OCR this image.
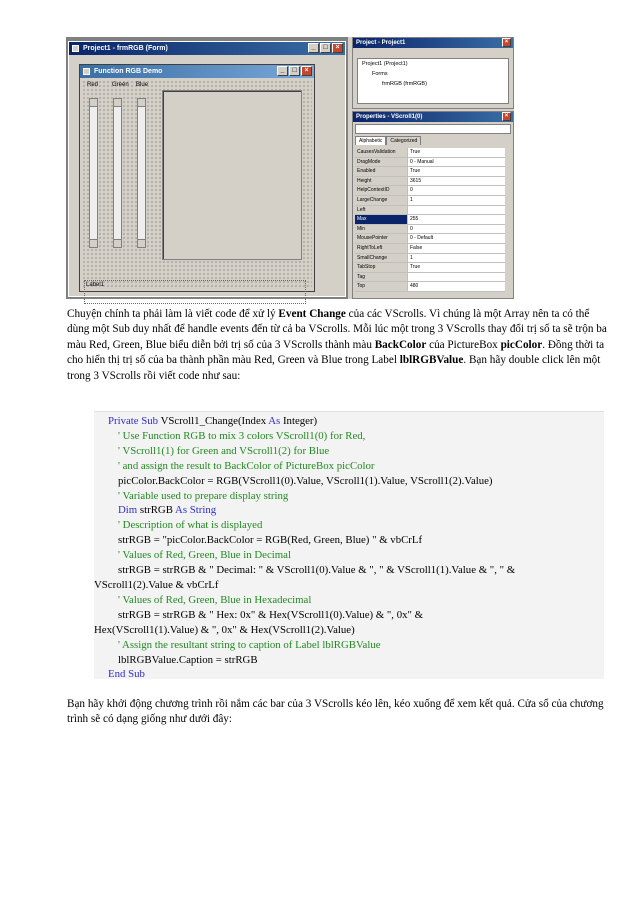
Project1 - frmRGB (Form)	_	□	×
Function RGB Demo	_	□	×
Red Green Blue
Label1
Project - Project1	×
Project1 (Project1)
Forms
frmRGB (frmRGB)
Properties - VScroll1(0)	×
Alphabetic	Categorized
CausesValidation	True
DragMode	0 - Manual
Enabled	True
Height	3615
HelpContextID	0
LargeChange	1
Left
Max	255
Min	0
MousePointer	0 - Default
RightToLeft	False
SmallChange	1
TabStop	True
Tag
Top	480
Chuyện chính ta phải làm là viết code để xử lý Event Change của các VScrolls. Vì chúng là một Array nên ta có thể dùng một Sub duy nhất để handle events đến từ cả ba VScrolls. Mỗi lúc một trong 3 VScrolls thay đổi trị số ta sẽ trộn ba màu Red, Green, Blue biểu diễn bởi trị số của 3 VScrolls thành màu BackColor của PictureBox picColor. Đồng thời ta cho hiển thị trị số của ba thành phần màu Red, Green và Blue trong Label lblRGBValue. Bạn hãy double click lên một trong 3 VScrolls rồi viết code như sau:
Private Sub VScroll1_Change(Index As Integer)
' Use Function RGB to mix 3 colors VScroll1(0) for Red,
' VScroll1(1) for Green and VScroll1(2) for Blue
' and assign the result to BackColor of PictureBox picColor
picColor.BackColor = RGB(VScroll1(0).Value, VScroll1(1).Value, VScroll1(2).Value)
' Variable used to prepare display string
Dim strRGB As String
' Description of what is displayed
strRGB = "picColor.BackColor = RGB(Red, Green, Blue) " & vbCrLf
' Values of Red, Green, Blue in Decimal
strRGB = strRGB & " Decimal: " & VScroll1(0).Value & ", " & VScroll1(1).Value & ", " &
VScroll1(2).Value & vbCrLf
' Values of Red, Green, Blue in Hexadecimal
strRGB = strRGB & " Hex: 0x" & Hex(VScroll1(0).Value) & ", 0x" &
Hex(VScroll1(1).Value) & ", 0x" & Hex(VScroll1(2).Value)
' Assign the resultant string to caption of Label lblRGBValue
lblRGBValue.Caption = strRGB
End Sub
Bạn hãy khởi động chương trình rồi nắm các bar của 3 VScrolls kéo lên, kéo xuống để xem kết quả. Cửa sổ của chương trình sẽ có dạng giống như dưới đây:
